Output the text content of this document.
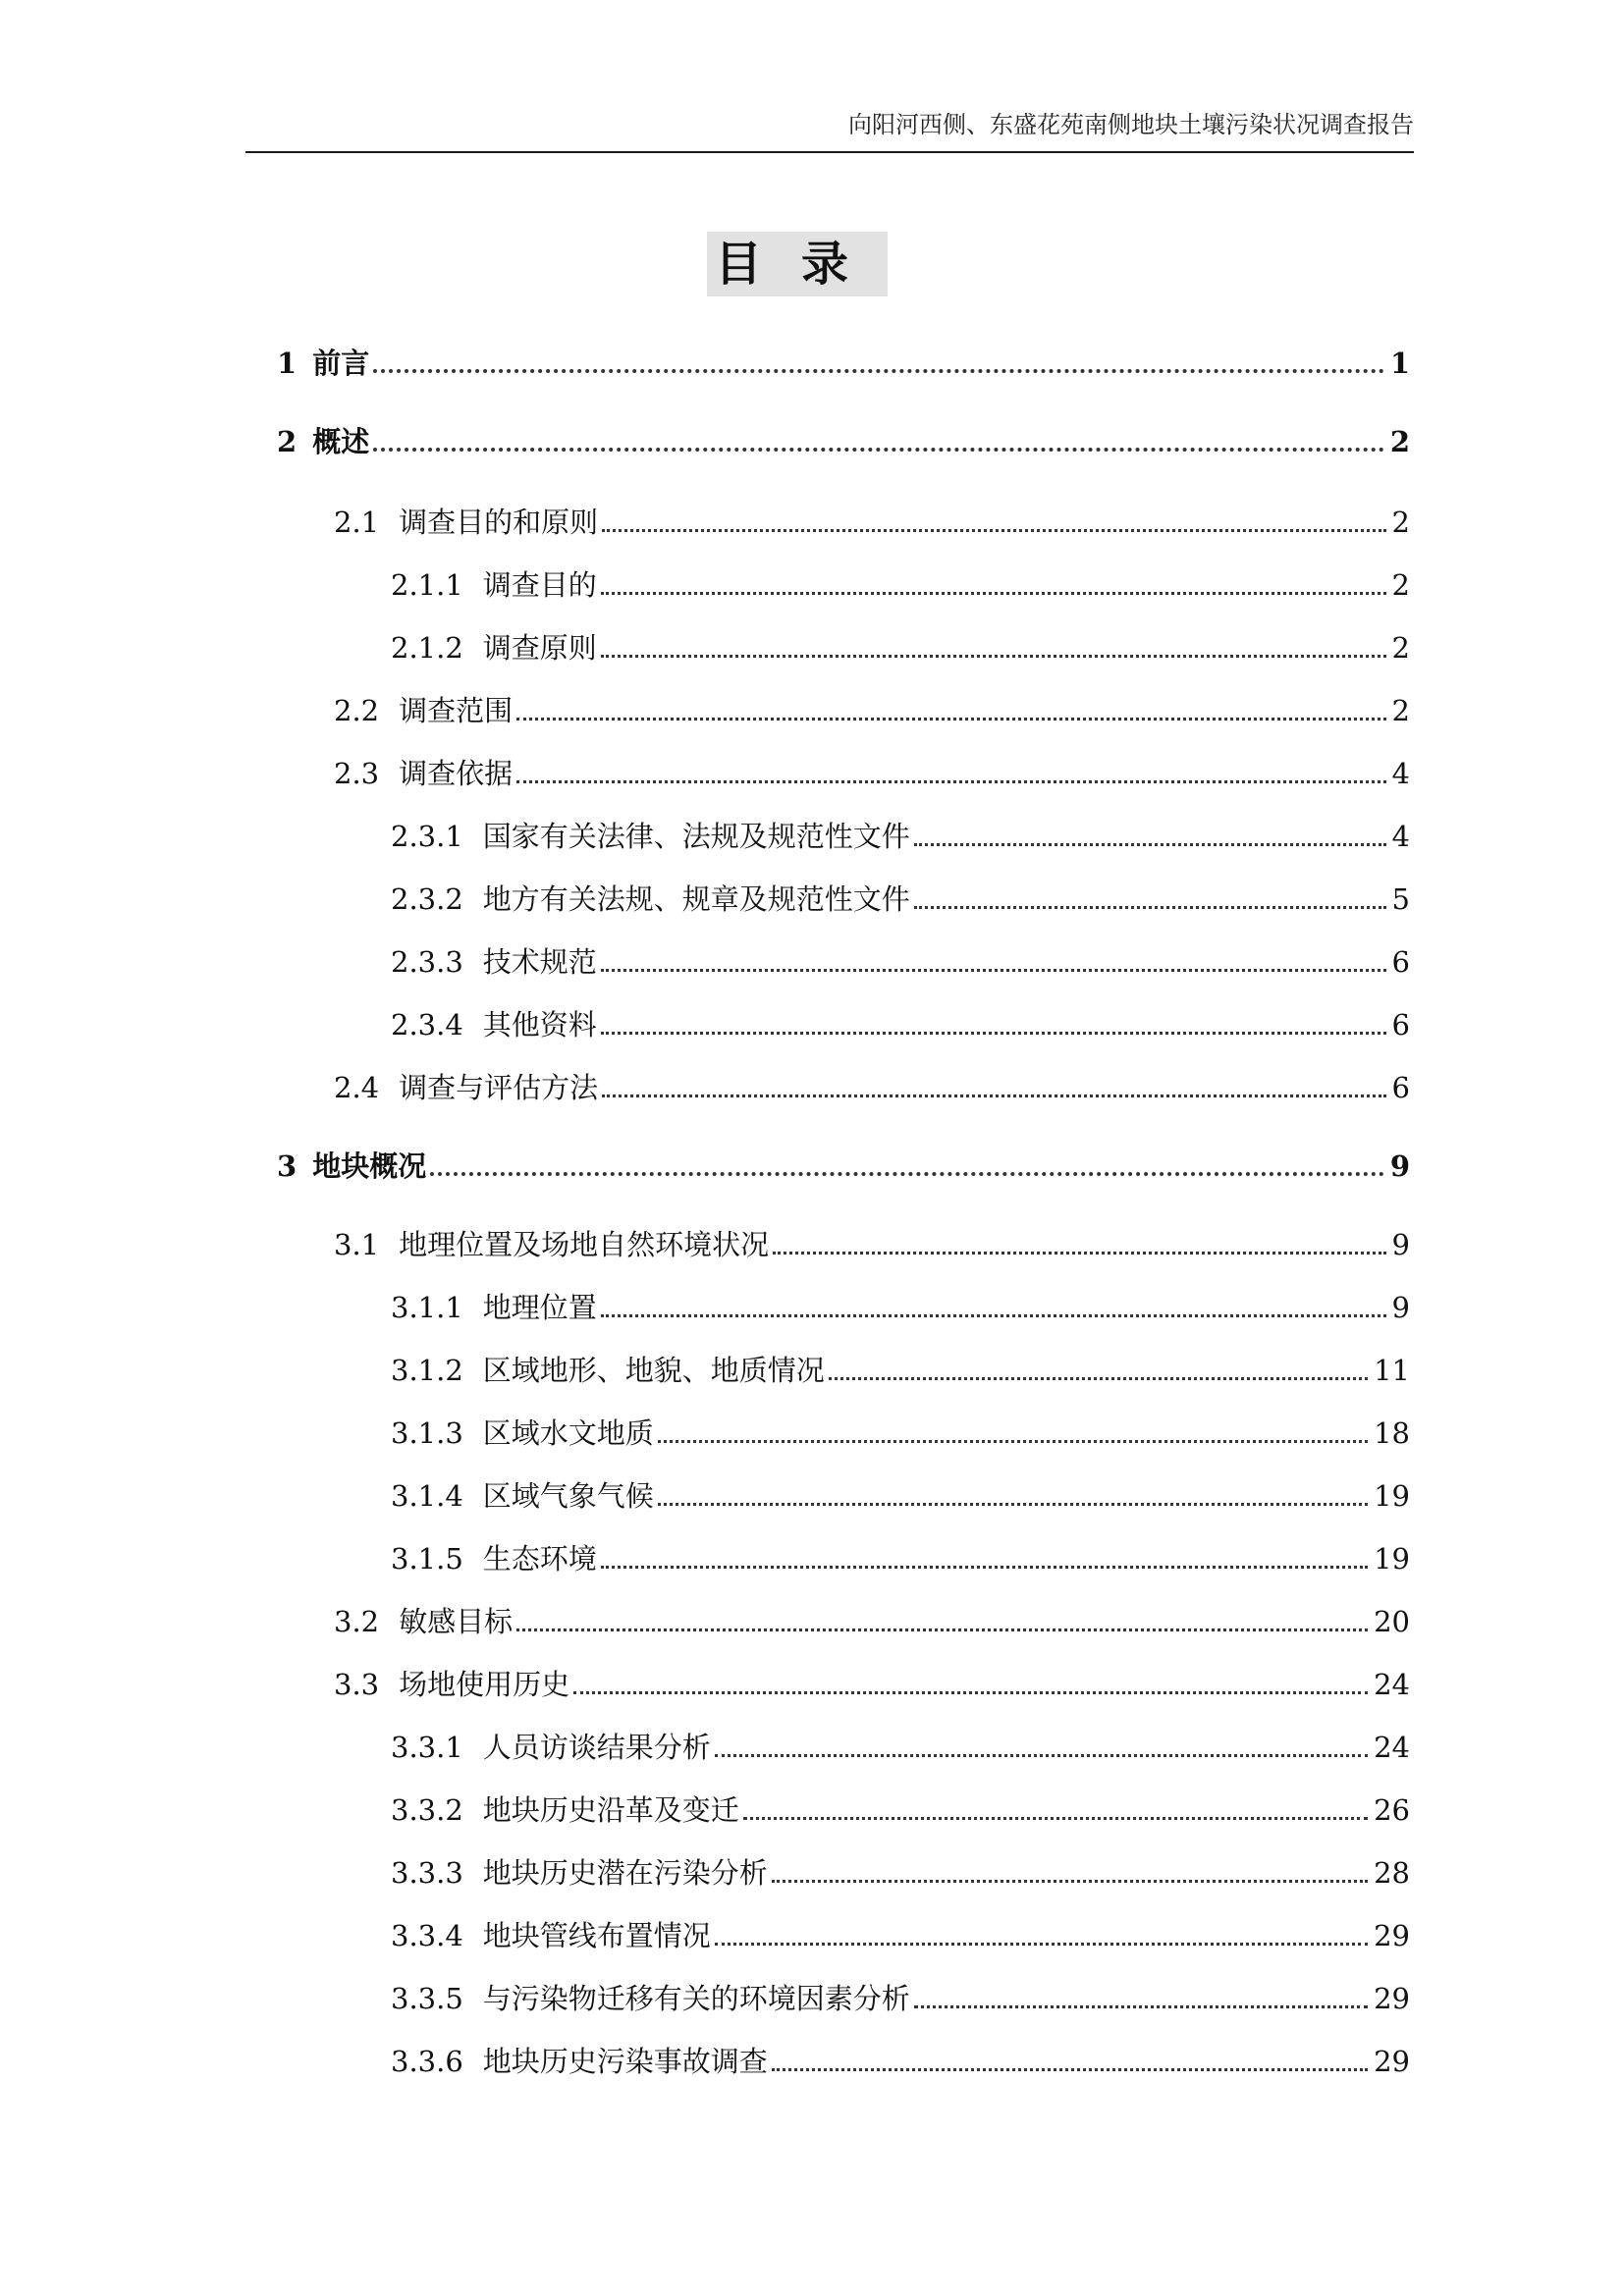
向阳河西侧、东盛花苑南侧地块土壤污染状况调查报告
目录
1 前言	1
2 概述	2
2.1 调查目的和原则	2
2.1.1 调查目的	2
2.1.2 调查原则	2
2.2 调查范围	2
2.3 调查依据	4
2.3.1 国家有关法律、法规及规范性文件	4
2.3.2 地方有关法规、规章及规范性文件	5
2.3.3 技术规范	6
2.3.4 其他资料	6
2.4 调查与评估方法	6
3 地块概况	9
3.1 地理位置及场地自然环境状况	9
3.1.1 地理位置	9
3.1.2 区域地形、地貌、地质情况	11
3.1.3 区域水文地质	18
3.1.4 区域气象气候	19
3.1.5 生态环境	19
3.2 敏感目标	20
3.3 场地使用历史	24
3.3.1 人员访谈结果分析	24
3.3.2 地块历史沿革及变迁	26
3.3.3 地块历史潜在污染分析	28
3.3.4 地块管线布置情况	29
3.3.5 与污染物迁移有关的环境因素分析	29
3.3.6 地块历史污染事故调查	29
